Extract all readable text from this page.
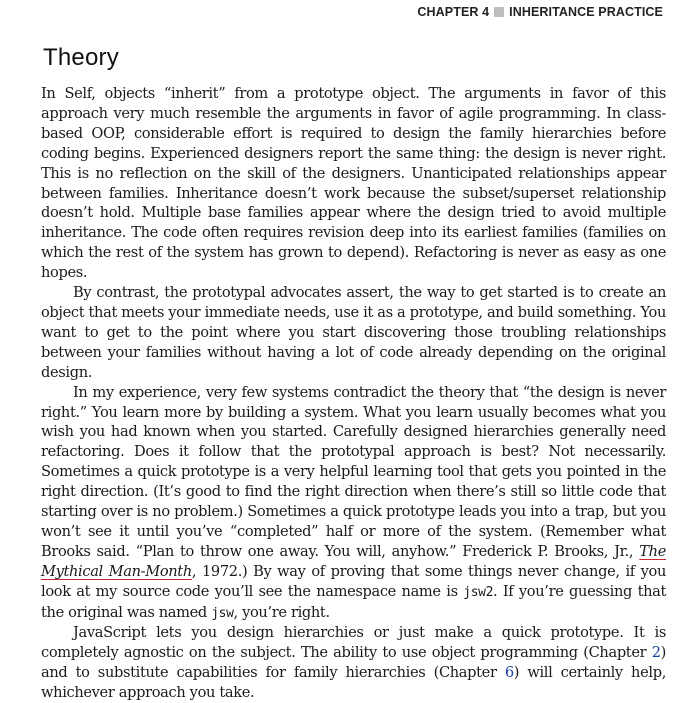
CHAPTER 4 INHERITANCE PRACTICE
Theory

In Self, objects “inherit” from a prototype object. The arguments in favor of this approach very much resemble the arguments in favor of agile programming. In class-based OOP, considerable effort is required to design the family hierarchies before coding begins. Experienced designers report the same thing: the design is never right. This is no reflection on the skill of the designers. Unanticipated relationships appear between families. Inheritance doesn’t work because the subset/superset relationship doesn’t hold. Multiple base families appear where the design tried to avoid multiple inheritance. The code often requires revision deep into its earliest families (families on which the rest of the system has grown to depend). Refactoring is never as easy as one hopes.

By contrast, the prototypal advocates assert, the way to get started is to create an object that meets your immediate needs, use it as a prototype, and build something. You want to get to the point where you start discovering those troubling relationships between your families without having a lot of code already depending on the original design.

In my experience, very few systems contradict the theory that “the design is never right.” You learn more by building a system. What you learn usually becomes what you wish you had known when you started. Carefully designed hierarchies generally need refactoring. Does it follow that the prototypal approach is best? Not necessarily. Sometimes a quick prototype is a very helpful learning tool that gets you pointed in the right direction. (It’s good to find the right direction when there’s still so little code that starting over is no problem.) Sometimes a quick prototype leads you into a trap, but you won’t see it until you’ve “completed” half or more of the system. (Remember what Brooks said. “Plan to throw one away. You will, anyhow.” Frederick P. Brooks, Jr., The Mythical Man-Month, 1972.) By way of proving that some things never change, if you look at my source code you’ll see the namespace name is jsw2. If you’re guessing that the original was named jsw, you’re right.

JavaScript lets you design hierarchies or just make a quick prototype. It is completely agnostic on the subject. The ability to use object programming (Chapter 2) and to substitute capabilities for family hierarchies (Chapter 6) will certainly help, whichever approach you take.
